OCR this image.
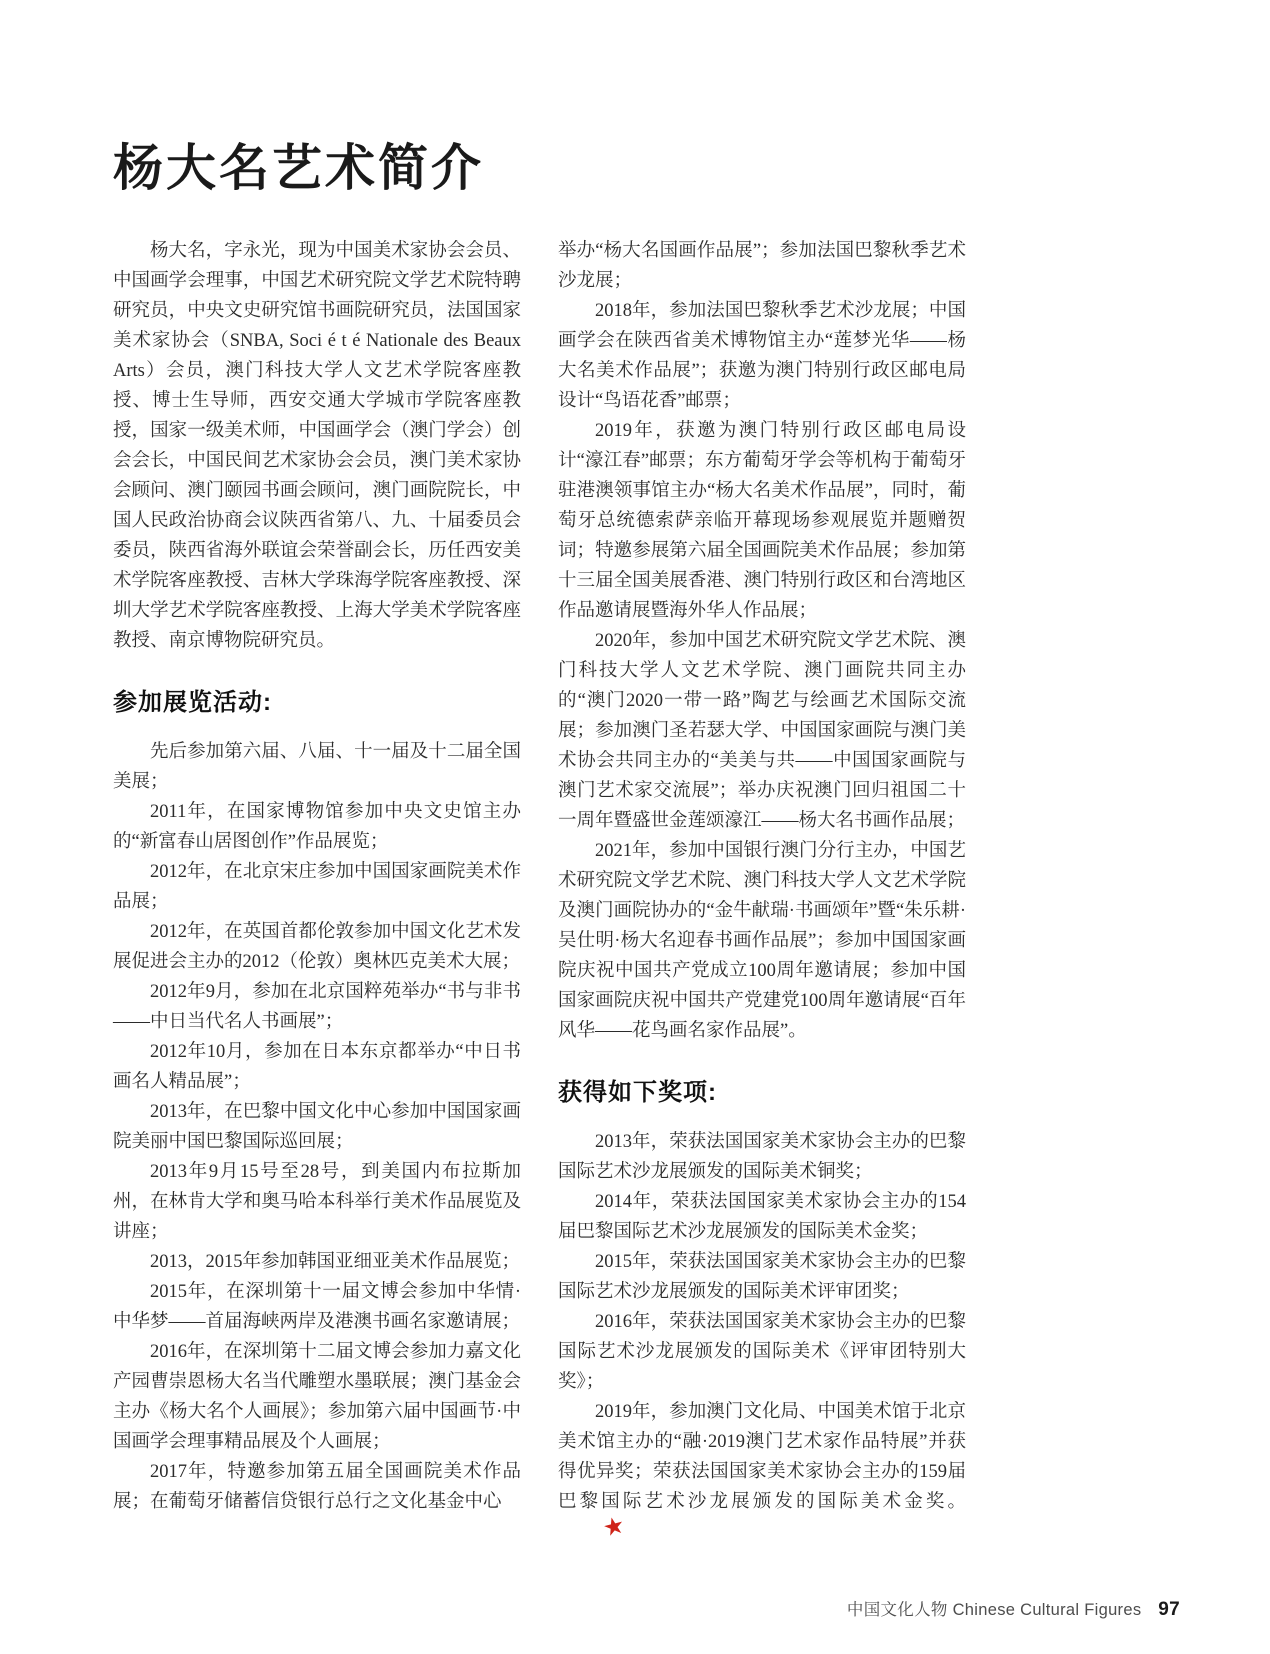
杨大名艺术简介

杨大名，字永光，现为中国美术家协会会员、中国画学会理事，中国艺术研究院文学艺术院特聘研究员，中央文史研究馆书画院研究员，法国国家美术家协会（SNBA, Soci é t é Nationale des Beaux Arts）会员，澳门科技大学人文艺术学院客座教授、博士生导师，西安交通大学城市学院客座教授，国家一级美术师，中国画学会（澳门学会）创会会长，中国民间艺术家协会会员，澳门美术家协会顾问、澳门颐园书画会顾问，澳门画院院长，中国人民政治协商会议陕西省第八、九、十届委员会委员，陕西省海外联谊会荣誉副会长，历任西安美术学院客座教授、吉林大学珠海学院客座教授、深圳大学艺术学院客座教授、上海大学美术学院客座教授、南京博物院研究员。

参加展览活动:

先后参加第六届、八届、十一届及十二届全国美展；

2011年，在国家博物馆参加中央文史馆主办的“新富春山居图创作”作品展览；

2012年，在北京宋庄参加中国国家画院美术作品展；

2012年，在英国首都伦敦参加中国文化艺术发展促进会主办的2012（伦敦）奥林匹克美术大展；

2012年9月，参加在北京国粹苑举办“书与非书——中日当代名人书画展”；

2012年10月，参加在日本东京都举办“中日书画名人精品展”；

2013年，在巴黎中国文化中心参加中国国家画院美丽中国巴黎国际巡回展；

2013年9月15号至28号，到美国内布拉斯加州，在林肯大学和奥马哈本科举行美术作品展览及讲座；

2013，2015年参加韩国亚细亚美术作品展览；

2015年，在深圳第十一届文博会参加中华情·中华梦——首届海峡两岸及港澳书画名家邀请展；

2016年，在深圳第十二届文博会参加力嘉文化产园曹崇恩杨大名当代雕塑水墨联展；澳门基金会主办《杨大名个人画展》；参加第六届中国画节·中国画学会理事精品展及个人画展；

2017年，特邀参加第五届全国画院美术作品展；在葡萄牙储蓄信贷银行总行之文化基金中心

举办“杨大名国画作品展”；参加法国巴黎秋季艺术沙龙展；

2018年，参加法国巴黎秋季艺术沙龙展；中国画学会在陕西省美术博物馆主办“莲梦光华——杨大名美术作品展”；获邀为澳门特别行政区邮电局设计“鸟语花香”邮票；

2019年，获邀为澳门特别行政区邮电局设计“濠江春”邮票；东方葡萄牙学会等机构于葡萄牙驻港澳领事馆主办“杨大名美术作品展”，同时，葡萄牙总统德索萨亲临开幕现场参观展览并题赠贺词；特邀参展第六届全国画院美术作品展；参加第十三届全国美展香港、澳门特别行政区和台湾地区作品邀请展暨海外华人作品展；

2020年，参加中国艺术研究院文学艺术院、澳门科技大学人文艺术学院、澳门画院共同主办的“澳门2020一带一路”陶艺与绘画艺术国际交流展；参加澳门圣若瑟大学、中国国家画院与澳门美术协会共同主办的“美美与共——中国国家画院与澳门艺术家交流展”；举办庆祝澳门回归祖国二十一周年暨盛世金莲颂濠江——杨大名书画作品展；

2021年，参加中国银行澳门分行主办，中国艺术研究院文学艺术院、澳门科技大学人文艺术学院及澳门画院协办的“金牛献瑞·书画颂年”暨“朱乐耕·吴仕明·杨大名迎春书画作品展”；参加中国国家画院庆祝中国共产党成立100周年邀请展；参加中国国家画院庆祝中国共产党建党100周年邀请展“百年风华——花鸟画名家作品展”。

获得如下奖项:

2013年，荣获法国国家美术家协会主办的巴黎国际艺术沙龙展颁发的国际美术铜奖；

2014年，荣获法国国家美术家协会主办的154届巴黎国际艺术沙龙展颁发的国际美术金奖；

2015年，荣获法国国家美术家协会主办的巴黎国际艺术沙龙展颁发的国际美术评审团奖；

2016年，荣获法国国家美术家协会主办的巴黎国际艺术沙龙展颁发的国际美术《评审团特别大奖》；

2019年，参加澳门文化局、中国美术馆于北京美术馆主办的“融·2019澳门艺术家作品特展”并获得优异奖；荣获法国国家美术家协会主办的159届巴黎国际艺术沙龙展颁发的国际美术金奖。★

中国文化人物 Chinese Cultural Figures 97
